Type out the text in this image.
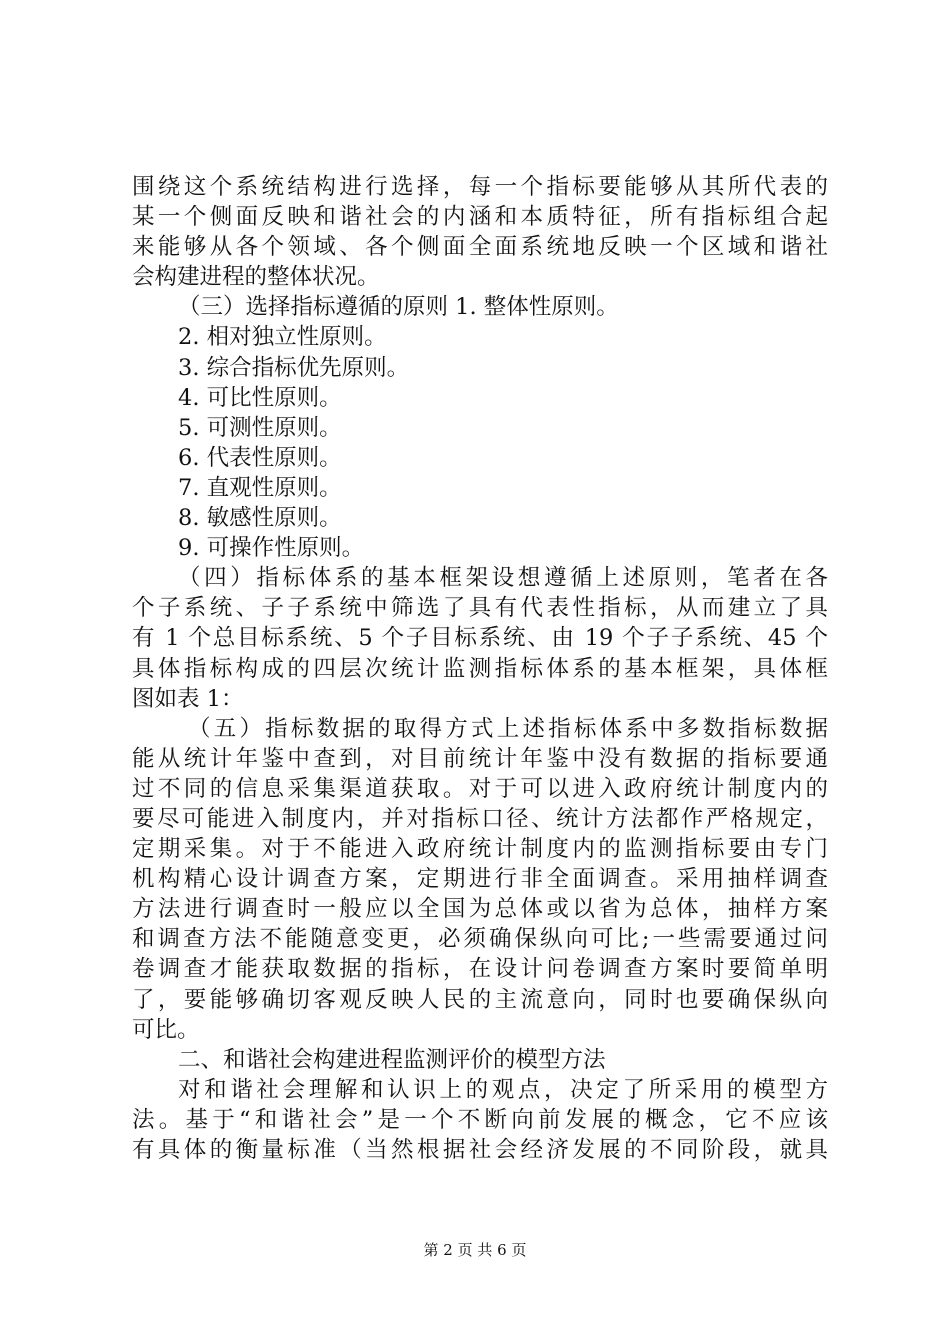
围绕这个系统结构进行选择，每一个指标要能够从其所代表的
某一个侧面反映和谐社会的内涵和本质特征，所有指标组合起
来能够从各个领域、各个侧面全面系统地反映一个区域和谐社
会构建进程的整体状况。
（三）选择指标遵循的原则 1. 整体性原则。
2. 相对独立性原则。
3. 综合指标优先原则。
4. 可比性原则。
5. 可测性原则。
6. 代表性原则。
7. 直观性原则。
8. 敏感性原则。
9. 可操作性原则。
（四）指标体系的基本框架设想遵循上述原则，笔者在各
个子系统、子子系统中筛选了具有代表性指标，从而建立了具
有 1 个总目标系统、5 个子目标系统、由 19 个子子系统、45 个
具体指标构成的四层次统计监测指标体系的基本框架，具体框
图如表 1：
（五）指标数据的取得方式上述指标体系中多数指标数据
能从统计年鉴中查到，对目前统计年鉴中没有数据的指标要通
过不同的信息采集渠道获取。对于可以进入政府统计制度内的
要尽可能进入制度内，并对指标口径、统计方法都作严格规定，
定期采集。对于不能进入政府统计制度内的监测指标要由专门
机构精心设计调查方案，定期进行非全面调查。采用抽样调查
方法进行调查时一般应以全国为总体或以省为总体，抽样方案
和调查方法不能随意变更，必须确保纵向可比;一些需要通过问
卷调查才能获取数据的指标，在设计问卷调查方案时要简单明
了，要能够确切客观反映人民的主流意向，同时也要确保纵向
可比。
二、和谐社会构建进程监测评价的模型方法
对和谐社会理解和认识上的观点，决定了所采用的模型方
法。基于“和谐社会”是一个不断向前发展的概念，它不应该
有具体的衡量标准（当然根据社会经济发展的不同阶段，就具
第 2 页 共 6 页
